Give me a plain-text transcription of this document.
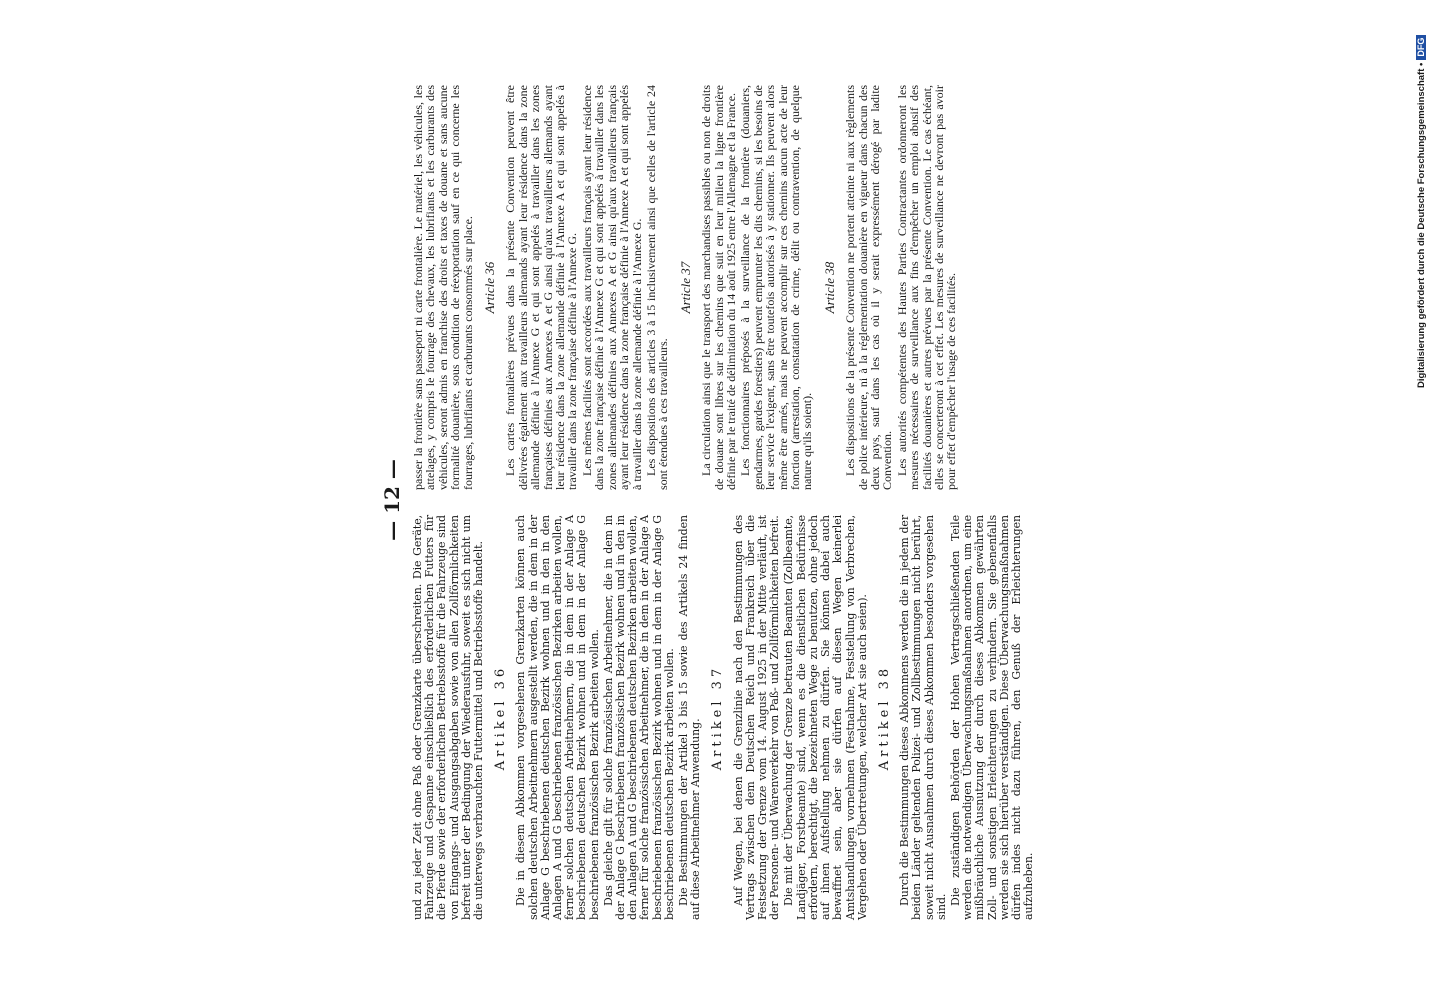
— 12 —

und zu jeder Zeit ohne Paß oder Grenzkarte überschreiten. Die Geräte, Fahrzeuge und Gespanne einschließlich des erforderlichen Futters für die Pferde sowie der erforderlichen Betriebsstoffe für die Fahrzeuge sind von Eingangs- und Ausgangsabgaben sowie von allen Zollförmlichkeiten befreit unter der Bedingung der Wiederausfuhr, soweit es sich nicht um die unterwegs verbrauchten Futtermittel und Betriebsstoffe handelt. Artikel 36 Die in diesem Abkommen vorgesehenen Grenzkarten können auch solchen deutschen Arbeitnehmern ausgestellt werden, die in dem in der Anlage G beschriebenen deutschen Bezirk wohnen und in den in den Anlagen A und G beschriebenen französischen Bezirken arbeiten wollen, ferner solchen deutschen Arbeitnehmern, die in dem in der Anlage A beschriebenen deutschen Bezirk wohnen und in dem in der Anlage G beschriebenen französischen Bezirk arbeiten wollen. Das gleiche gilt für solche französischen Arbeitnehmer, die in dem in der Anlage G beschriebenen französischen Bezirk wohnen und in den in den Anlagen A und G beschriebenen deutschen Bezirken arbeiten wollen, ferner für solche französischen Arbeitnehmer, die in dem in der Anlage A beschriebenen französischen Bezirk wohnen und in dem in der Anlage G beschriebenen deutschen Bezirk arbeiten wollen. Die Bestimmungen der Artikel 3 bis 15 sowie des Artikels 24 finden auf diese Arbeitnehmer Anwendung.

Artikel 37 Auf Wegen, bei denen die Grenzlinie nach den Bestimmungen des Vertrags zwischen dem Deutschen Reich und Frankreich über die Festsetzung der Grenze vom 14. August 1925 in der Mitte verläuft, ist der Personen- und Warenverkehr von Paß- und Zollförmlichkeiten befreit. Die mit der Überwachung der Grenze betrauten Beamten (Zollbeamte, Landjäger, Forstbeamte) sind, wenn es die dienstlichen Bedürfnisse erfordern, berechtigt, die bezeichneten Wege zu benutzen, ohne jedoch auf ihnen Aufstellung nehmen zu dürfen. Sie können dabei auch bewaffnet sein, aber sie dürfen auf diesen Wegen keinerlei Amtshandlungen vornehmen (Festnahme, Feststellung von Verbrechen, Vergehen oder Übertretungen, welcher Art sie auch seien). Artikel 38 Durch die Bestimmungen dieses Abkommens werden die in jedem der beiden Länder geltenden Polizei- und Zollbestimmungen nicht berührt, soweit nicht Ausnahmen durch dieses Abkommen besonders vorgesehen sind.

Die zuständigen Behörden der Hohen Vertragschließenden Teile werden die notwendigen Überwachungsmaßnahmen anordnen, um eine mißbräuchliche Ausnutzung der durch dieses Abkommen gewährten Zoll- und sonstigen Erleichterungen zu verhindern. Sie gebenenfalls werden sie sich hierüber verständigen. Diese Überwachungsmaßnahmen dürfen indes nicht dazu führen, den Genuß der Erleichterungen aufzuheben.

passer la frontière sans passeport ni carte frontalière. Le matériel, les véhicules, les attelages, y compris le fourrage des chevaux, les lubrifiants et les carburants des véhicules, seront admis en franchise des droits et taxes de douane et sans aucune formalité douanière, sous condition de réexportation sauf en ce qui concerne les fourrages, lubrifiants et carburants consommés sur place. Article 36 Les cartes frontalières prévues dans la présente Convention peuvent être délivrées également aux travailleurs allemands ayant leur résidence dans la zone allemande définie à l'Annexe G et qui sont appelés à travailler dans les zones françaises définies aux Annexes A et G ainsi qu'aux travailleurs allemands ayant leur résidence dans la zone allemande définie à l'Annexe A et qui sont appelés à travailler dans la zone française définie à l'Annexe G. Les mêmes facilités sont accordées aux travailleurs français ayant leur résidence dans la zone française définie à l'Annexe G et qui sont appelés à travailler dans les zones allemandes définies aux Annexes A et G ainsi qu'aux travailleurs français ayant leur résidence dans la zone française définie à l'Annexe A et qui sont appelés à travailler dans la zone allemande définie à l'Annexe G. Les dispositions des articles 3 à 15 inclusivement ainsi que celles de l'article 24 sont étendues à ces travailleurs.

Article 37 La circulation ainsi que le transport des marchandises passibles ou non de droits de douane sont libres sur les chemins que suit en leur milieu la ligne frontière définie par le traité de délimitation du 14 août 1925 entre l'Allemagne et la France. Les fonctionnaires préposés à la surveillance de la frontière (douaniers, gendarmes, gardes forestiers) peuvent emprunter les dits chemins, si les besoins de leur service l'exigent, sans être toutefois autorisés à y stationner. Ils peuvent alors même être armés, mais ne peuvent accomplir sur ces chemins aucun acte de leur fonction (arrestation, constatation de crime, délit ou contravention, de quelque nature qu'ils soient).

Article 38 Les dispositions de la présente Convention ne portent atteinte ni aux règlements de police intérieure, ni à la réglementation douanière en vigueur dans chacun des deux pays, sauf dans les cas où il y serait expressément dérogé par ladite Convention. Les autorités compétentes des Hautes Parties Contractantes ordonneront les mesures nécessaires de surveillance aux fins d'empêcher un emploi abusif des facilités douanières et autres prévues par la présente Convention. Le cas échéant, elles se concerteront à cet effet. Les mesures de surveillance ne devront pas avoir pour effet d'empêcher l'usage de ces facilités.	Digitalisierung gefördert durch die Deutsche Forschungsgemeinschaft •DFG
